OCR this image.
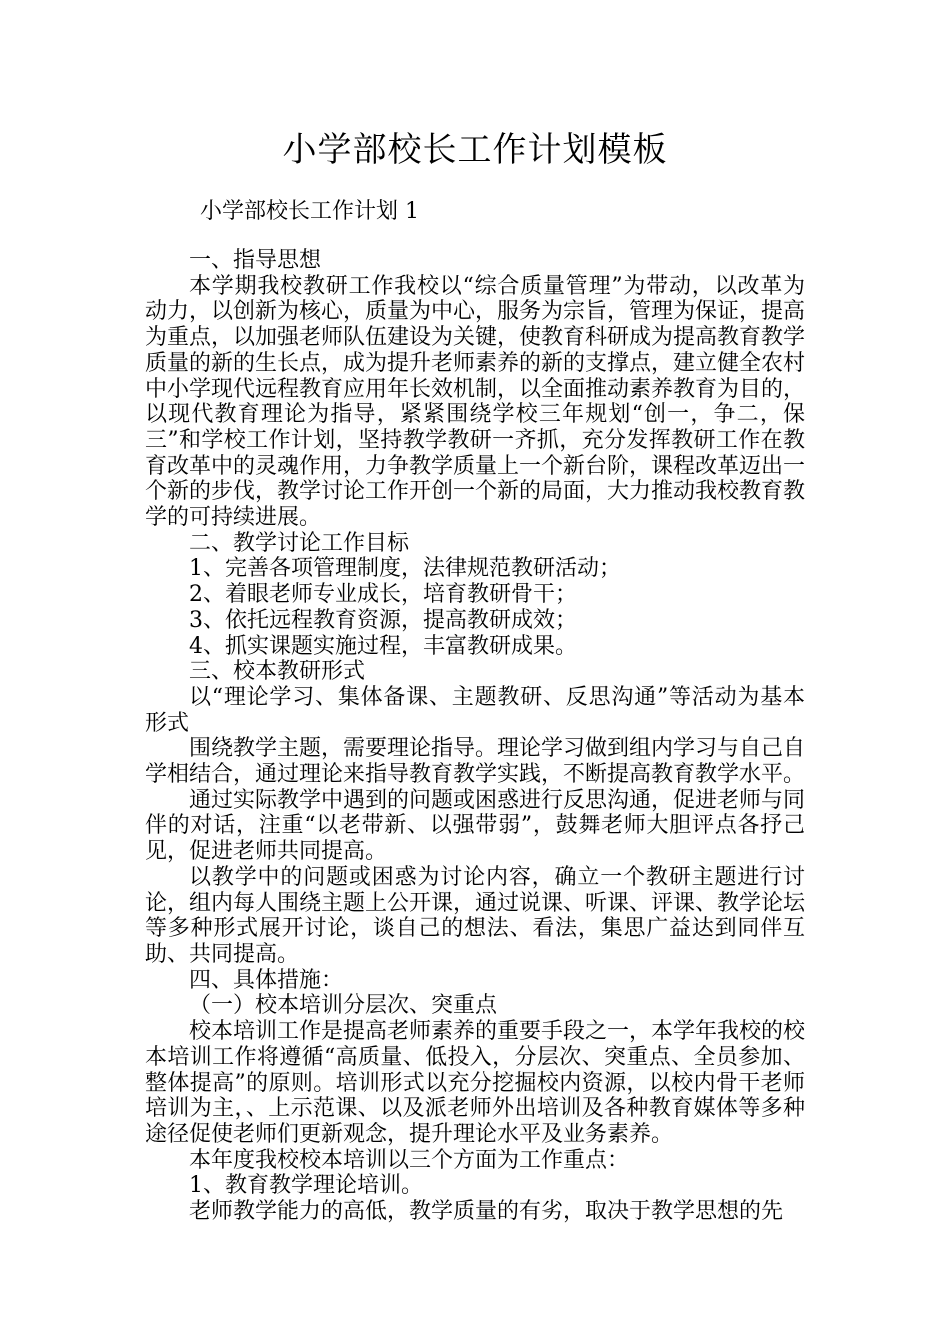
小学部校长工作计划模板
小学部校长工作计划 1

一、指导思想

本学期我校教研工作我校以“综合质量管理”为带动，以改革为动力，以创新为核心，质量为中心，服务为宗旨，管理为保证，提高为重点，以加强老师队伍建设为关键，使教育科研成为提高教育教学质量的新的生长点，成为提升老师素养的新的支撑点，建立健全农村中小学现代远程教育应用年长效机制，以全面推动素养教育为目的，以现代教育理论为指导，紧紧围绕学校三年规划“创一，争二，保三”和学校工作计划，坚持教学教研一齐抓，充分发挥教研工作在教育改革中的灵魂作用，力争教学质量上一个新台阶，课程改革迈出一个新的步伐，教学讨论工作开创一个新的局面，大力推动我校教育教学的可持续进展。

二、教学讨论工作目标

1、完善各项管理制度，法律规范教研活动；

2、着眼老师专业成长，培育教研骨干；

3、依托远程教育资源，提高教研成效；

4、抓实课题实施过程，丰富教研成果。

三、校本教研形式

以“理论学习、集体备课、主题教研、反思沟通”等活动为基本形式

围绕教学主题，需要理论指导。理论学习做到组内学习与自己自学相结合，通过理论来指导教育教学实践，不断提高教育教学水平。

通过实际教学中遇到的问题或困惑进行反思沟通，促进老师与同伴的对话，注重“以老带新、以强带弱”，鼓舞老师大胆评点各抒己见，促进老师共同提高。

以教学中的问题或困惑为讨论内容，确立一个教研主题进行讨论，组内每人围绕主题上公开课，通过说课、听课、评课、教学论坛等多种形式展开讨论，谈自己的想法、看法，集思广益达到同伴互助、共同提高。

四、具体措施：

（一）校本培训分层次、突重点

校本培训工作是提高老师素养的重要手段之一，本学年我校的校本培训工作将遵循“高质量、低投入，分层次、突重点、全员参加、整体提高”的原则。培训形式以充分挖掘校内资源，以校内骨干老师培训为主，、上示范课、以及派老师外出培训及各种教育媒体等多种途径促使老师们更新观念，提升理论水平及业务素养。

本年度我校校本培训以三个方面为工作重点：

1、教育教学理论培训。

老师教学能力的高低，教学质量的有劣，取决于教学思想的先
